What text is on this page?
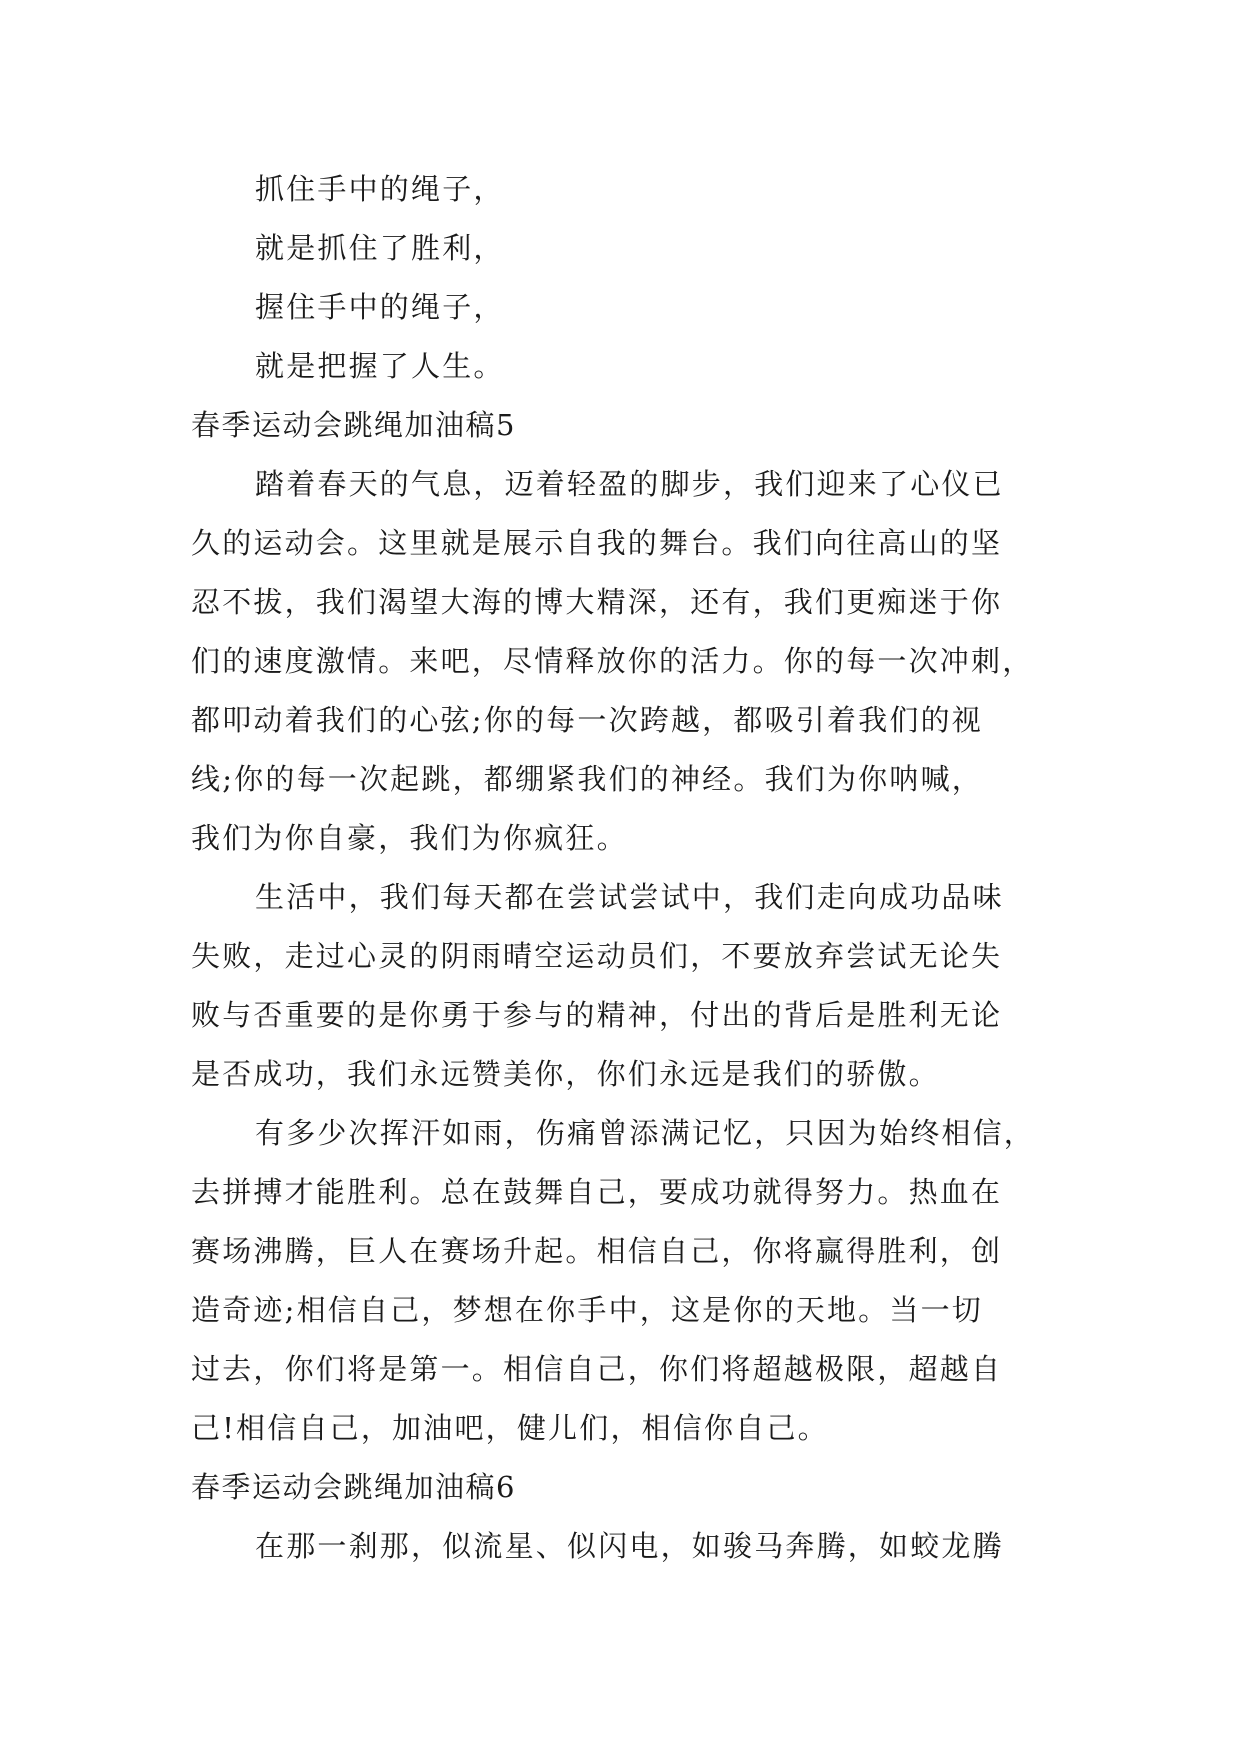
抓住手中的绳子，
就是抓住了胜利，
握住手中的绳子，
就是把握了人生。
春季运动会跳绳加油稿5
踏着春天的气息，迈着轻盈的脚步，我们迎来了心仪已
久的运动会。这里就是展示自我的舞台。我们向往高山的坚
忍不拔，我们渴望大海的博大精深，还有，我们更痴迷于你
们的速度激情。来吧，尽情释放你的活力。你的每一次冲刺，
都叩动着我们的心弦;你的每一次跨越，都吸引着我们的视
线;你的每一次起跳，都绷紧我们的神经。我们为你呐喊，
我们为你自豪，我们为你疯狂。
生活中，我们每天都在尝试尝试中，我们走向成功品味
失败，走过心灵的阴雨晴空运动员们，不要放弃尝试无论失
败与否重要的是你勇于参与的精神，付出的背后是胜利无论
是否成功，我们永远赞美你，你们永远是我们的骄傲。
有多少次挥汗如雨，伤痛曾添满记忆，只因为始终相信，
去拼搏才能胜利。总在鼓舞自己，要成功就得努力。热血在
赛场沸腾，巨人在赛场升起。相信自己，你将赢得胜利，创
造奇迹;相信自己，梦想在你手中，这是你的天地。当一切
过去，你们将是第一。相信自己，你们将超越极限，超越自
己!相信自己，加油吧，健儿们，相信你自己。
春季运动会跳绳加油稿6
在那一刹那，似流星、似闪电，如骏马奔腾，如蛟龙腾
